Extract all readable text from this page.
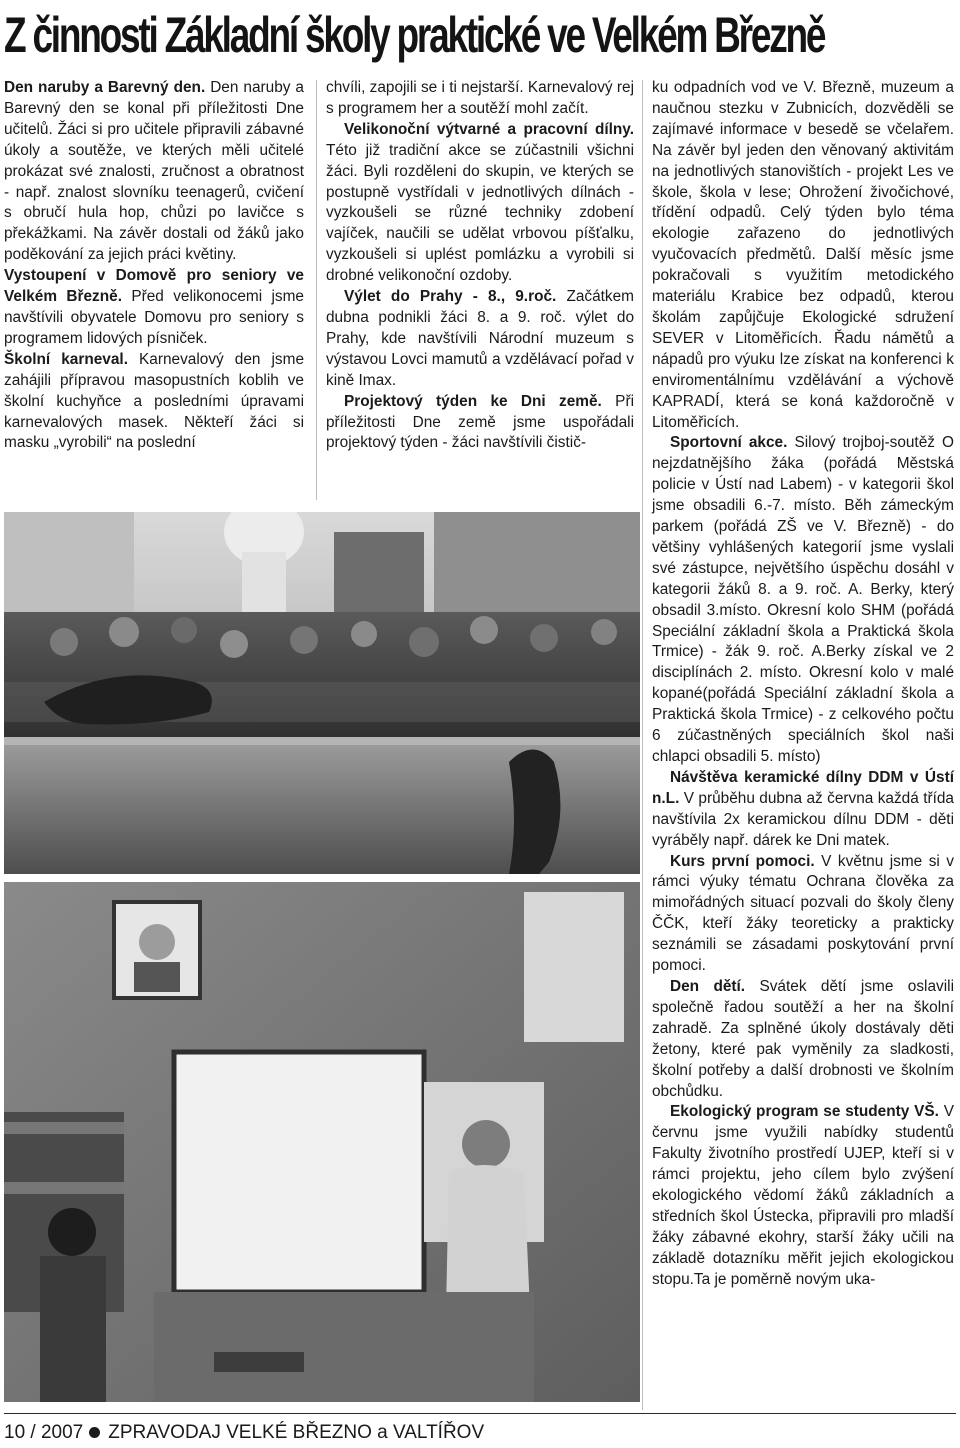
Z činnosti Základní školy praktické ve Velkém Březně

Den naruby a Barevný den. Den naruby a Barevný den se konal při příležitosti Dne učitelů. Žáci si pro učitele připravili zábavné úkoly a soutěže, ve kterých měli učitelé prokázat své znalosti, zručnost a obratnost - např. znalost slovníku teenagerů, cvičení s obručí hula hop, chůzi po lavičce s překážkami. Na závěr dostali od žáků jako poděkování za jejich práci květiny.

Vystoupení v Domově pro seniory ve Velkém Březně. Před velikonocemi jsme navštívili obyvatele Domovu pro seniory s programem lidových písniček.

Školní karneval. Karnevalový den jsme zahájili přípravou masopustních koblih ve školní kuchyňce a posledními úpravami karnevalových masek. Někteří žáci si masku „vyrobili“ na poslední

chvíli, zapojili se i ti nejstarší. Karnevalový rej s programem her a soutěží mohl začít.

Velikonoční výtvarné a pracovní dílny. Této již tradiční akce se zúčastnili všichni žáci. Byli rozděleni do skupin, ve kterých se postupně vystřídali v jednotlivých dílnách - vyzkoušeli se různé techniky zdobení vajíček, naučili se udělat vrbovou píšťalku, vyzkoušeli si uplést pomlázku a vyrobili si drobné velikonoční ozdoby.

Výlet do Prahy - 8., 9.roč. Začátkem dubna podnikli žáci 8. a 9. roč. výlet do Prahy, kde navštívili Národní muzeum s výstavou Lovci mamutů a vzdělávací pořad v kině Imax.

Projektový týden ke Dni země. Při příležitosti Dne země jsme uspořádali projektový týden - žáci navštívili čistič-

ku odpadních vod ve V. Březně, muzeum a naučnou stezku v Zubnicích, dozvěděli se zajímavé informace v besedě se včelařem. Na závěr byl jeden den věnovaný aktivitám na jednotlivých stanovištích - projekt Les ve škole, škola v lese; Ohrožení živočichové, třídění odpadů. Celý týden bylo téma ekologie zařazeno do jednotlivých vyučovacích předmětů. Další měsíc jsme pokračovali s využitím metodického materiálu Krabice bez odpadů, kterou školám zapůjčuje Ekologické sdružení SEVER v Litoměřicích. Řadu námětů a nápadů pro výuku lze získat na konferenci k enviromentálnímu vzdělávání a výchově KAPRADÍ, která se koná každoročně v Litoměřicích.

Sportovní akce. Silový trojboj-soutěž O nejzdatnějšího žáka (pořádá Městská policie v Ústí nad Labem) - v kategorii škol jsme obsadili 6.-7. místo. Běh zámeckým parkem (pořádá ZŠ ve V. Březně) - do většiny vyhlášených kategorií jsme vyslali své zástupce, největšího úspěchu dosáhl v kategorii žáků 8. a 9. roč. A. Berky, který obsadil 3.místo. Okresní kolo SHM (pořádá Speciální základní škola a Praktická škola Trmice) - žák 9. roč. A.Berky získal ve 2 disciplínách 2. místo. Okresní kolo v malé kopané(pořádá Speciální základní škola a Praktická škola Trmice) - z celkového počtu 6 zúčastněných speciálních škol naši chlapci obsadili 5. místo)

Návštěva keramické dílny DDM v Ústí n.L. V průběhu dubna až června každá třída navštívila 2x keramickou dílnu DDM - děti vyráběly např. dárek ke Dni matek.

Kurs první pomoci. V květnu jsme si v rámci výuky tématu Ochrana člověka za mimořádných situací pozvali do školy členy ČČK, kteří žáky teoreticky a prakticky seznámili se zásadami poskytování první pomoci.

Den dětí. Svátek dětí jsme oslavili společně řadou soutěží a her na školní zahradě. Za splněné úkoly dostávaly děti žetony, které pak vyměnily za sladkosti, školní potřeby a další drobnosti ve školním obchůdku.

Ekologický program se studenty VŠ. V červnu jsme využili nabídky studentů Fakulty životního prostředí UJEP, kteří si v rámci projektu, jeho cílem bylo zvýšení ekologického vědomí žáků základních a středních škol Ústecka, připravili pro mladší žáky zábavné ekohry, starší žáky učili na základě dotazníku měřit jejich ekologickou stopu.Ta je poměrně novým uka-

10 / 2007 ZPRAVODAJ VELKÉ BŘEZNO a VALTÍŘOV
